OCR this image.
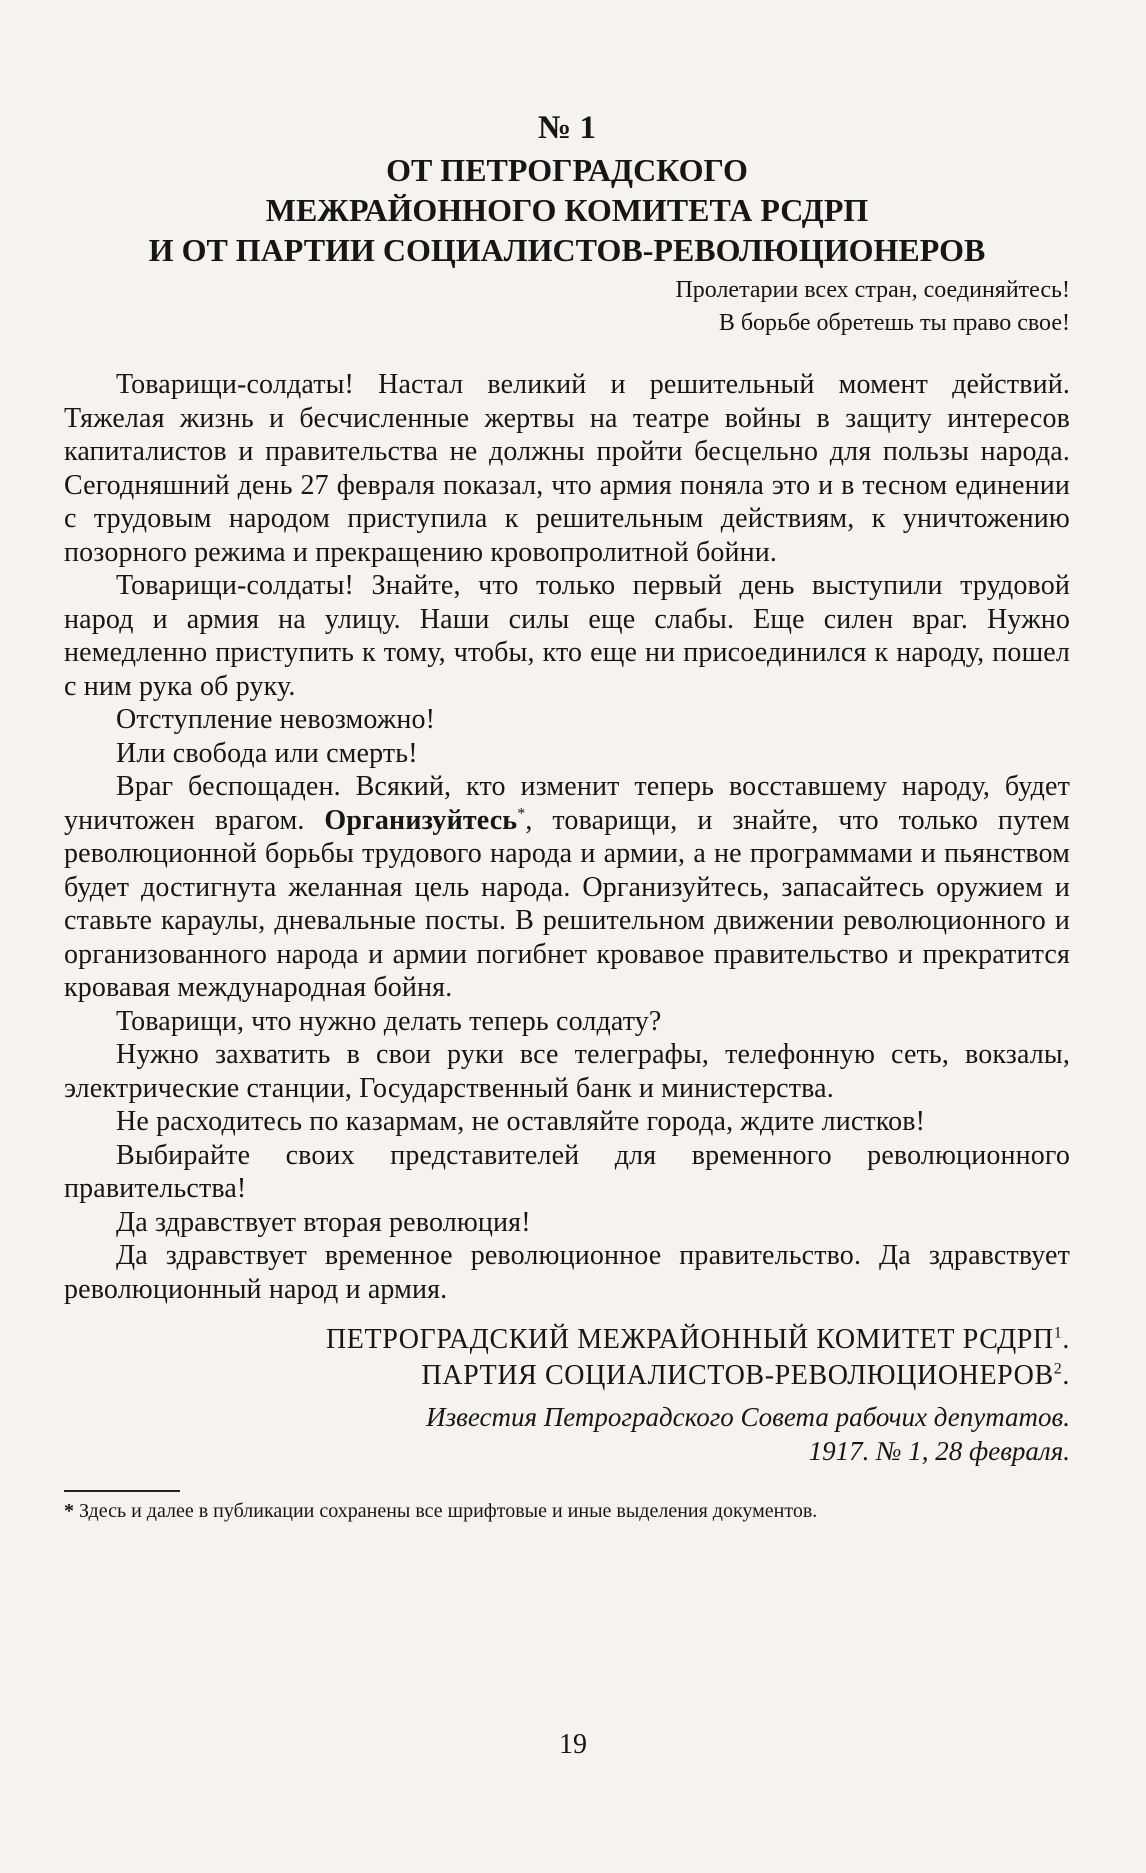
№ 1
ОТ ПЕТРОГРАДСКОГО
МЕЖРАЙОННОГО КОМИТЕТА РСДРП
И ОТ ПАРТИИ СОЦИАЛИСТОВ-РЕВОЛЮЦИОНЕРОВ
Пролетарии всех стран, соединяйтесь!
В борьбе обретешь ты право свое!

Товарищи-солдаты! Настал великий и решительный момент действий. Тяжелая жизнь и бесчисленные жертвы на театре войны в защиту интересов капиталистов и правительства не должны пройти бесцельно для пользы народа. Сегодняшний день 27 февраля показал, что армия поняла это и в тесном единении с трудовым народом приступила к решительным действиям, к уничтожению позорного режима и прекращению кровопролитной бойни.

Товарищи-солдаты! Знайте, что только первый день выступили трудовой народ и армия на улицу. Наши силы еще слабы. Еще силен враг. Нужно немедленно приступить к тому, чтобы, кто еще ни присоединился к народу, пошел с ним рука об руку.

Отступление невозможно!

Или свобода или смерть!

Враг беспощаден. Всякий, кто изменит теперь восставшему народу, будет уничтожен врагом. Организуйтесь*, товарищи, и знайте, что только путем революционной борьбы трудового народа и армии, а не программами и пьянством будет достигнута желанная цель народа. Организуйтесь, запасайтесь оружием и ставьте караулы, дневальные посты. В решительном движении революционного и организованного народа и армии погибнет кровавое правительство и прекратится кровавая международная бойня.

Товарищи, что нужно делать теперь солдату?

Нужно захватить в свои руки все телеграфы, телефонную сеть, вокзалы, электрические станции, Государственный банк и министерства.

Не расходитесь по казармам, не оставляйте города, ждите листков!

Выбирайте своих представителей для временного революционного правительства!

Да здравствует вторая революция!

Да здравствует временное революционное правительство. Да здравствует революционный народ и армия.

ПЕТРОГРАДСКИЙ МЕЖРАЙОННЫЙ КОМИТЕТ РСДРП$^1$.
ПАРТИЯ СОЦИАЛИСТОВ-РЕВОЛЮЦИОНЕРОВ$^2$.
Известия Петроградского Совета рабочих депутатов.
1917. № 1, 28 февраля.
* Здесь и далее в публикации сохранены все шрифтовые и иные выделения документов.
19
